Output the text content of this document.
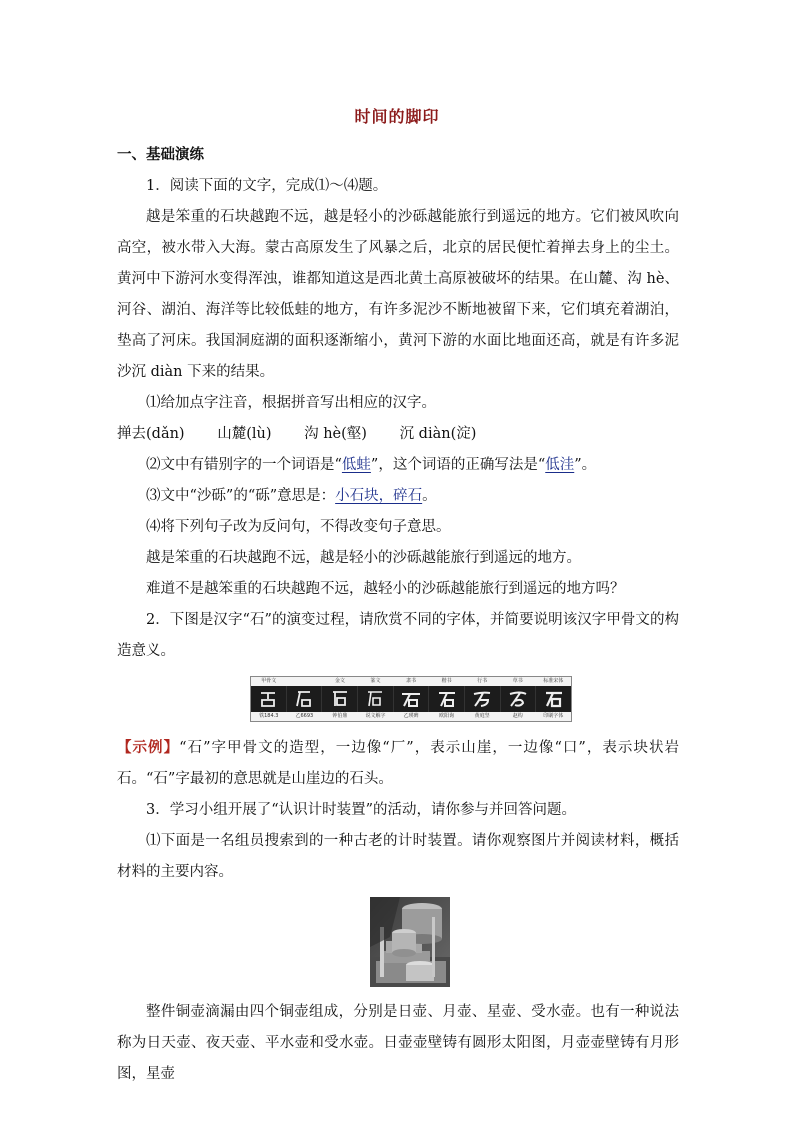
时间的脚印

一、基础演练

1．阅读下面的文字，完成⑴～⑷题。

越是笨重的石块越跑不远，越是轻小的沙砾越能旅行到遥远的地方。它们被风吹向高空，被水带入大海。蒙古高原发生了风暴之后，北京的居民便忙着掸去身上的尘土。黄河中下游河水变得浑浊，谁都知道这是西北黄土高原被破坏的结果。在山麓、沟 hè、河谷、湖泊、海洋等比较低蛙的地方，有许多泥沙不断地被留下来，它们填充着湖泊，垫高了河床。我国洞庭湖的面积逐渐缩小，黄河下游的水面比地面还高，就是有许多泥沙沉 diàn 下来的结果。

⑴给加点字注音，根据拼音写出相应的汉字。

掸去(dǎn) 山麓(lù) 沟 hè(壑) 沉 diàn(淀)

⑵文中有错别字的一个词语是“低蛙”，这个词语的正确写法是“低洼”。

⑶文中“沙砾”的“砾”意思是：小石块，碎石。

⑷将下列句子改为反问句，不得改变句子意思。

越是笨重的石块越跑不远，越是轻小的沙砾越能旅行到遥远的地方。

难道不是越笨重的石块越跑不远，越轻小的沙砾越能旅行到遥远的地方吗？

2．下图是汉字“石”的演变过程，请欣赏不同的字体，并简要说明该汉字甲骨文的构造意义。

甲骨文	金文	篆文	隶书	楷书	行书	草书	标准宋体
铁184.3	乙6693	钟伯鼎	说文解字	乙瑛碑	欧阳询	黄庭坚	赵构	印刷字体

【示例】“石”字甲骨文的造型，一边像“厂”，表示山崖，一边像“口”，表示块状岩石。“石”字最初的意思就是山崖边的石头。

3．学习小组开展了“认识计时装置”的活动，请你参与并回答问题。

⑴下面是一名组员搜索到的一种古老的计时装置。请你观察图片并阅读材料，概括材料的主要内容。

整件铜壶滴漏由四个铜壶组成，分别是日壶、月壶、星壶、受水壶。也有一种说法称为日天壶、夜天壶、平水壶和受水壶。日壶壶壁铸有圆形太阳图，月壶壶壁铸有月形图，星壶
